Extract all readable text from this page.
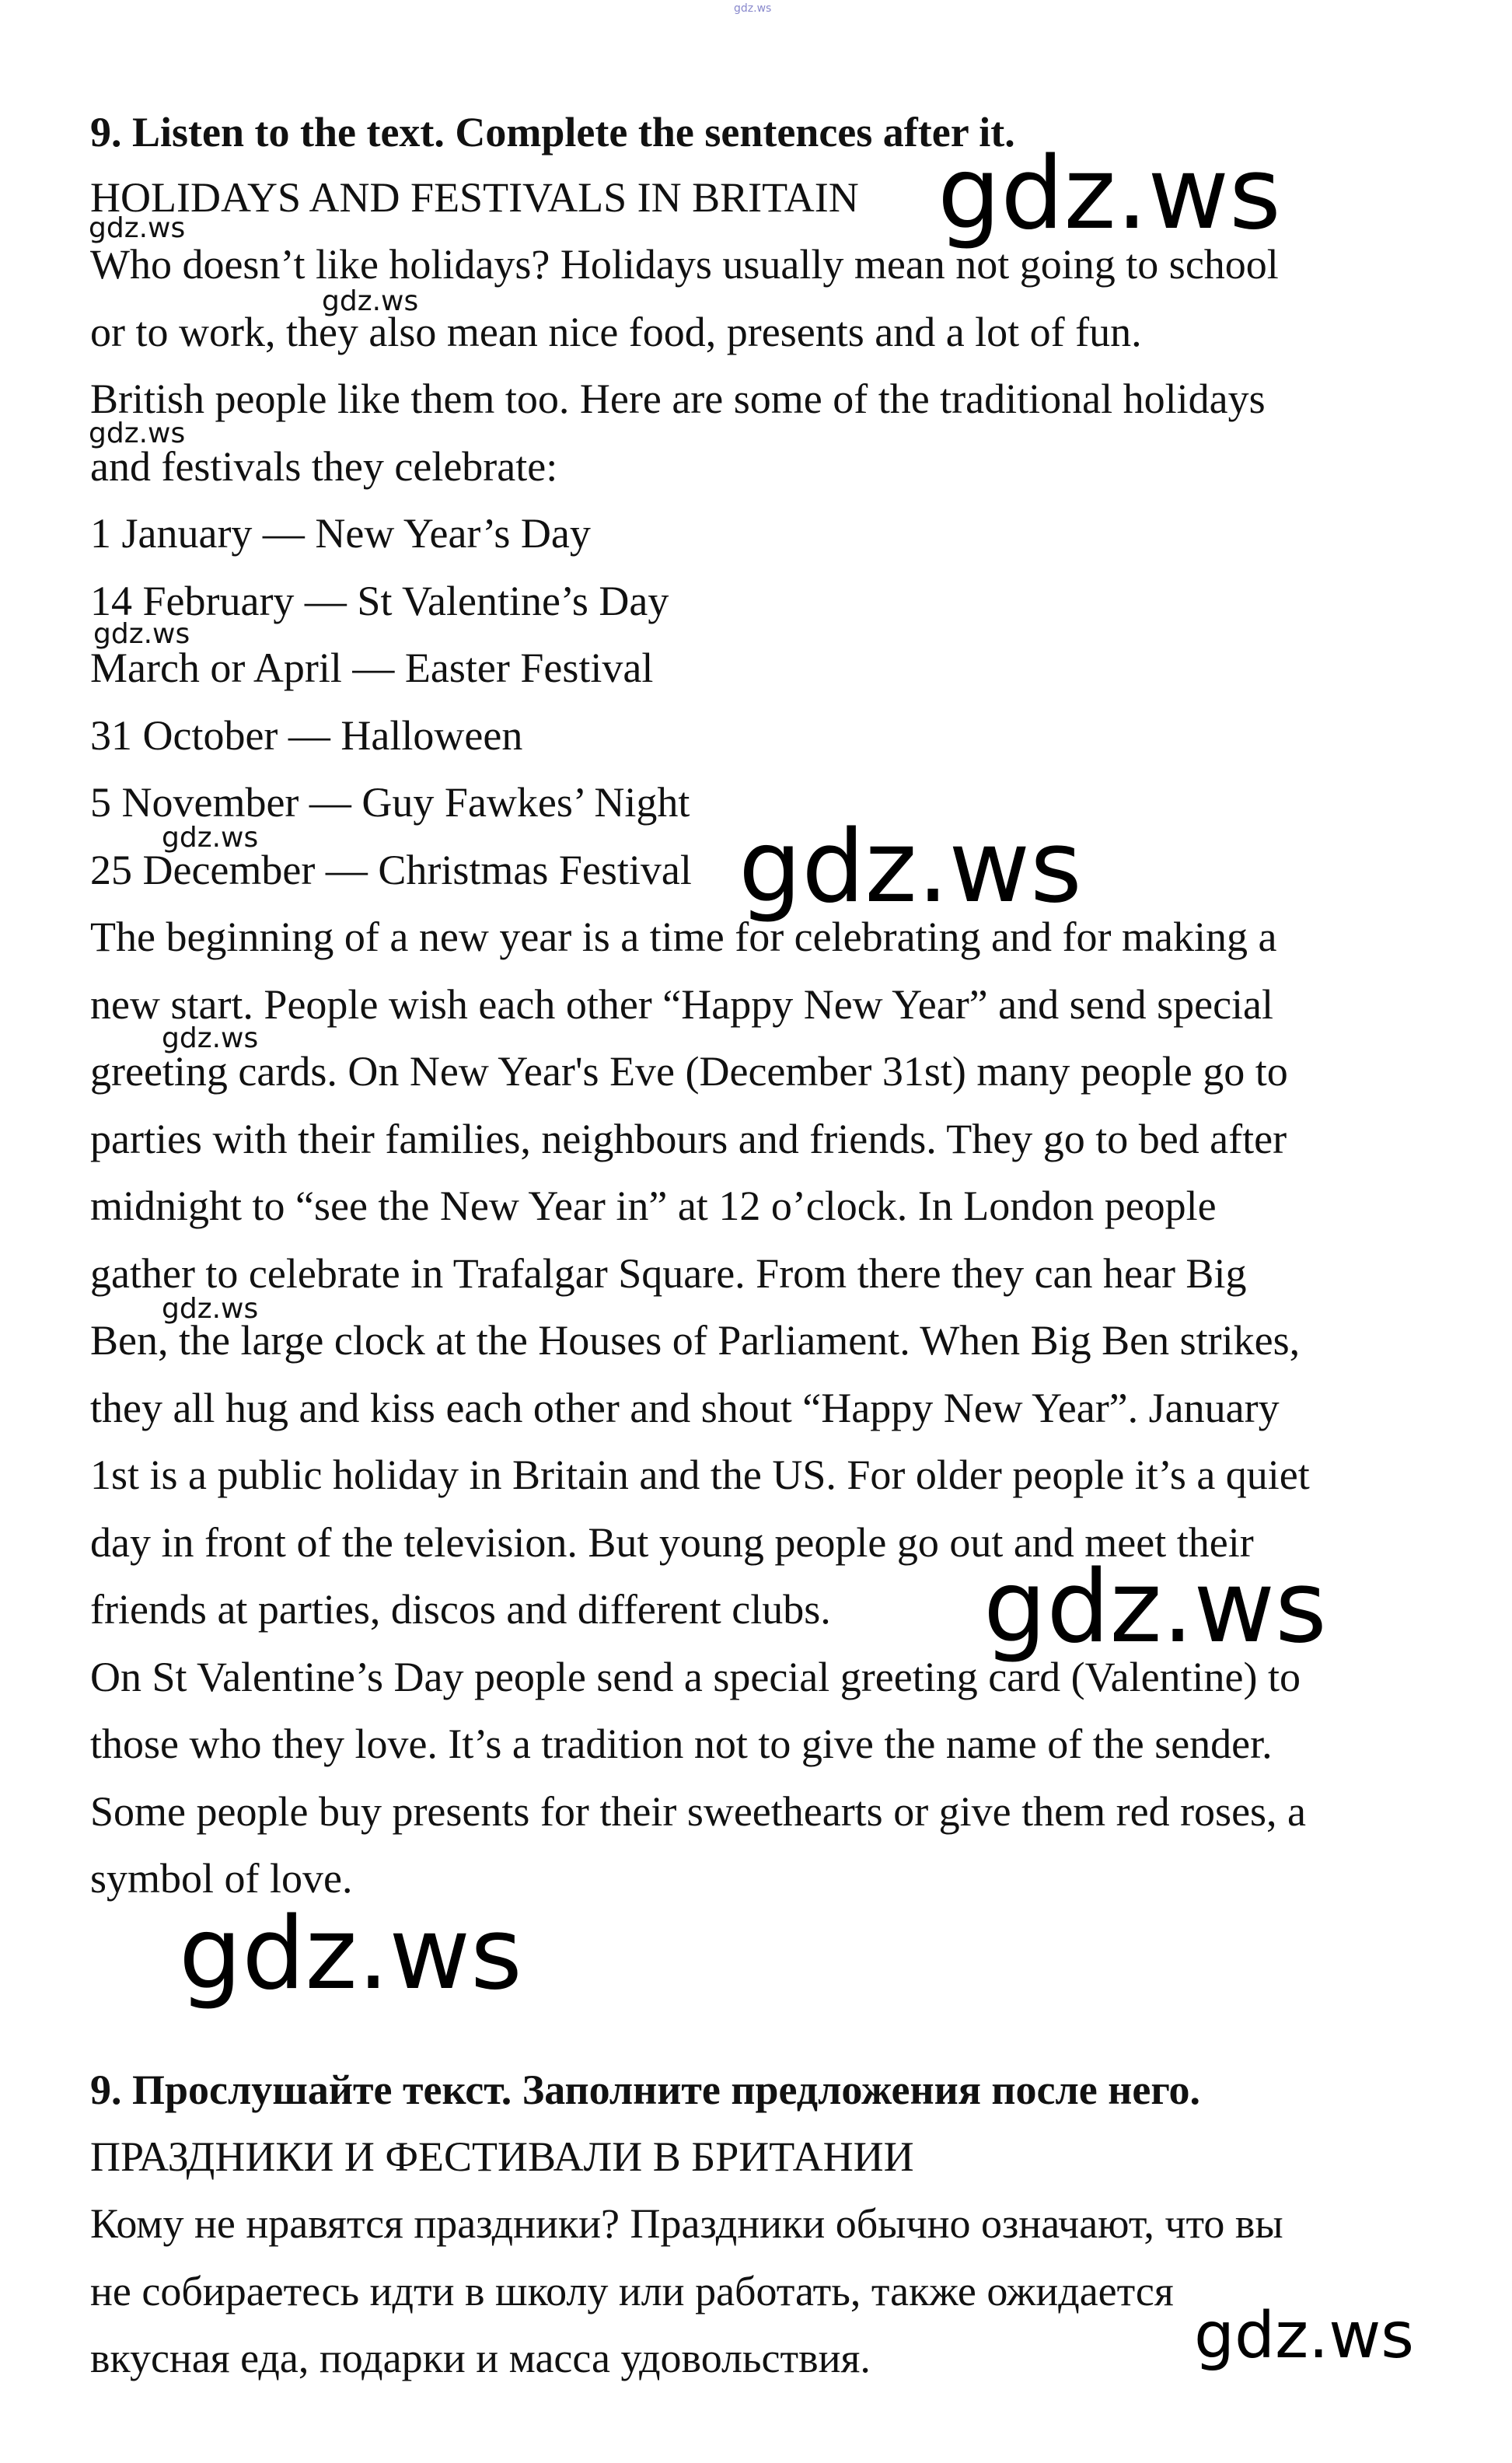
gdz.ws
9. Listen to the text. Complete the sentences after it.
HOLIDAYS AND FESTIVALS IN BRITAIN
Who doesn’t like holidays? Holidays usually mean not going to school
or to work, they also mean nice food, presents and a lot of fun.
British people like them too. Here are some of the traditional holidays
and festivals they celebrate:
1 January — New Year’s Day
14 February — St Valentine’s Day
March or April — Easter Festival
31 October — Halloween
5 November — Guy Fawkes’ Night
25 December — Christmas Festival
The beginning of a new year is a time for celebrating and for making a
new start. People wish each other “Happy New Year” and send special
greeting cards. On New Year's Eve (December 31st) many people go to
parties with their families, neighbours and friends. They go to bed after
midnight to “see the New Year in” at 12 o’clock. In London people
gather to celebrate in Trafalgar Square. From there they can hear Big
Ben, the large clock at the Houses of Parliament. When Big Ben strikes,
they all hug and kiss each other and shout “Happy New Year”. January
1st is a public holiday in Britain and the US. For older people it’s a quiet
day in front of the television. But young people go out and meet their
friends at parties, discos and different clubs.
On St Valentine’s Day people send a special greeting card (Valentine) to
those who they love. It’s a tradition not to give the name of the sender.
Some people buy presents for their sweethearts or give them red roses, a
symbol of love.
9. Прослушайте текст. Заполните предложения после него.
ПРАЗДНИКИ И ФЕСТИВАЛИ В БРИТАНИИ
Кому не нравятся праздники? Праздники обычно означают, что вы
не собираетесь идти в школу или работать, также ожидается
вкусная еда, подарки и масса удовольствия.
gdz.ws
gdz.ws
gdz.ws
gdz.ws
gdz.ws
gdz.ws
gdz.ws
gdz.ws
gdz.ws
gdz.ws
gdz.ws
gdz.ws
